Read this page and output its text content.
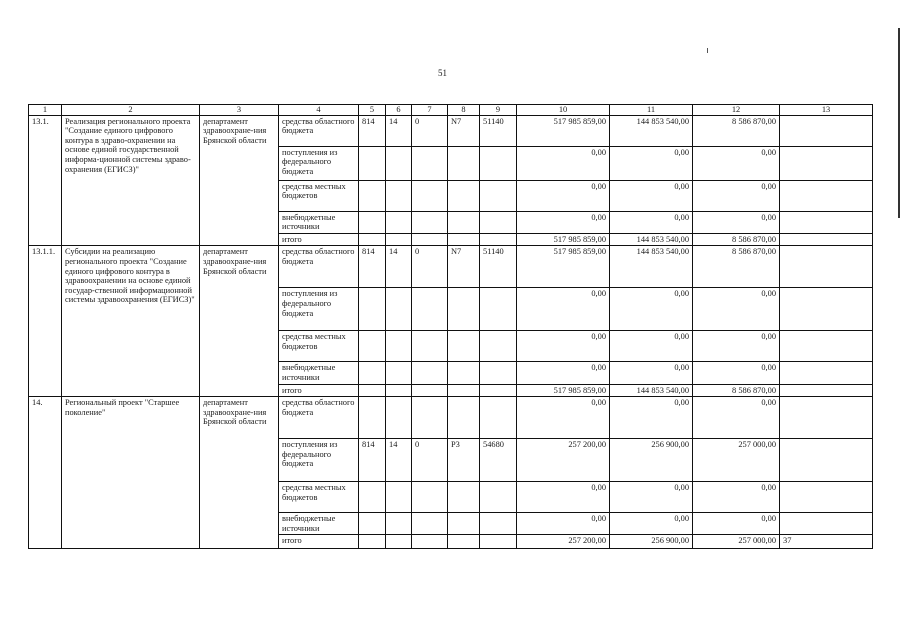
51
1	2	3	4	5	6	7	8	9	10	11	12	13
13.1.	Реализация регионального проекта "Создание единого цифрового контура в здраво-охранении на основе единой государственной информа-ционной системы здраво-охранения (ЕГИСЗ)"	департамент здравоохране-ния Брянской области	средства областного бюджета	814	14	0	N7	51140	517 985 859,00	144 853 540,00	8 586 870,00	
			поступления из федерального бюджета						0,00	0,00	0,00	
			средства местных бюджетов						0,00	0,00	0,00	
			внебюджетные источники						0,00	0,00	0,00	
			итого						517 985 859,00	144 853 540,00	8 586 870,00	
13.1.1.	Субсидии на реализацию регионального проекта "Создание единого цифрового контура в здравоохранении на основе единой государ-ственной информационной системы здравоохранения (ЕГИСЗ)"	департамент здравоохране-ния Брянской области	средства областного бюджета	814	14	0	N7	51140	517 985 859,00	144 853 540,00	8 586 870,00	
			поступления из федерального бюджета						0,00	0,00	0,00	
			средства местных бюджетов						0,00	0,00	0,00	
			внебюджетные источники						0,00	0,00	0,00	
			итого						517 985 859,00	144 853 540,00	8 586 870,00	
14.	Региональный проект "Старшее поколение"	департамент здравоохране-ния Брянской области	средства областного бюджета						0,00	0,00	0,00	
			поступления из федерального бюджета	814	14	0	P3	54680	257 200,00	256 900,00	257 000,00	
			средства местных бюджетов						0,00	0,00	0,00	
			внебюджетные источники						0,00	0,00	0,00	
			итого						257 200,00	256 900,00	257 000,00	37
